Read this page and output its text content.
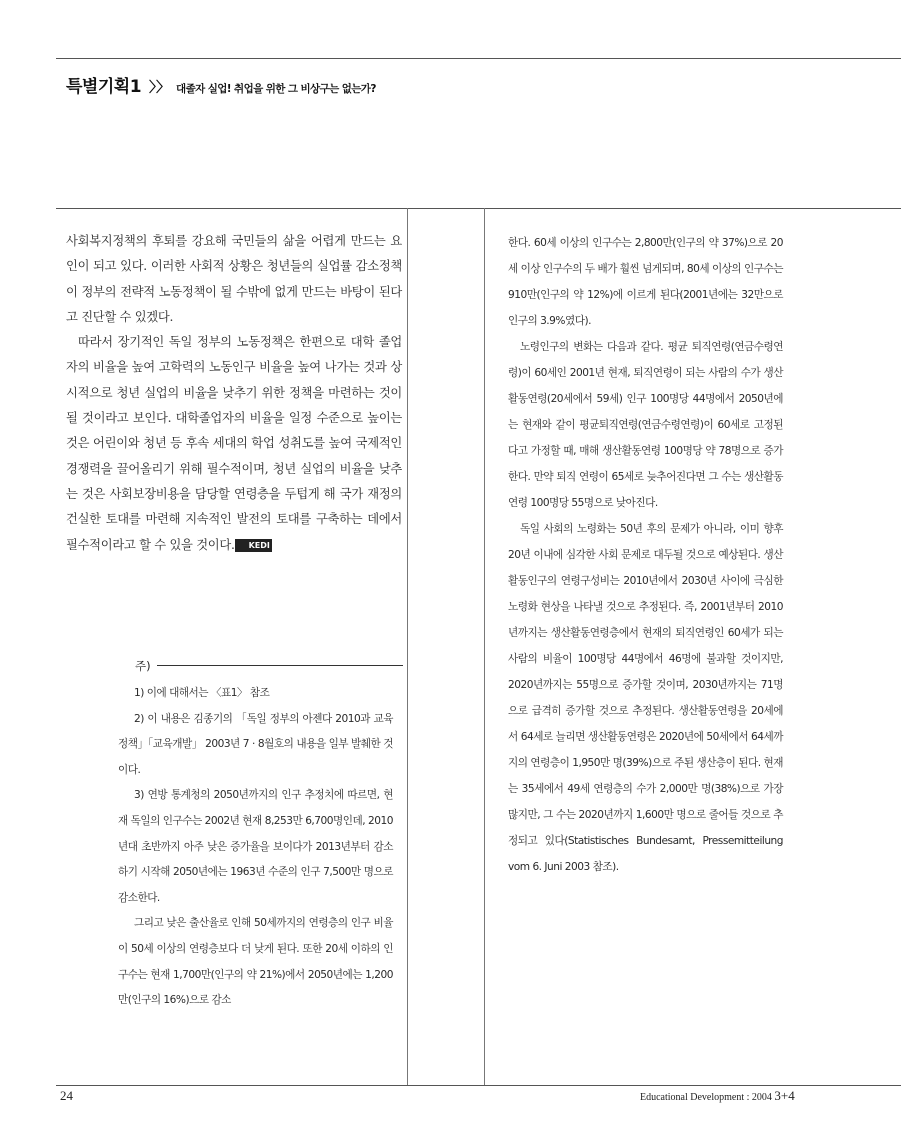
특별기획1 〉〉 대졸자 실업! 취업을 위한 그 비상구는 없는가?

사회복지정책의 후퇴를 강요해 국민들의 삶을 어렵게 만드는 요인이 되고 있다. 이러한 사회적 상황은 청년들의 실업률 감소정책이 정부의 전략적 노동정책이 될 수밖에 없게 만드는 바탕이 된다고 진단할 수 있겠다.

따라서 장기적인 독일 정부의 노동정책은 한편으로 대학 졸업자의 비율을 높여 고학력의 노동인구 비율을 높여 나가는 것과 상시적으로 청년 실업의 비율을 낮추기 위한 정책을 마련하는 것이 될 것이라고 보인다. 대학졸업자의 비율을 일정 수준으로 높이는 것은 어린이와 청년 등 후속 세대의 학업 성취도를 높여 국제적인 경쟁력을 끌어올리기 위해 필수적이며, 청년 실업의 비율을 낮추는 것은 사회보장비용을 담당할 연령층을 두텁게 해 국가 재정의 건실한 토대를 마련해 지속적인 발전의 토대를 구축하는 데에서 필수적이라고 할 수 있을 것이다. KEDI

주)

1) 이에 대해서는 〈표1〉 참조

2) 이 내용은 김종기의 「독일 정부의 아젠다 2010과 교육정책」「교육개발」 2003년 7 · 8월호의 내용을 일부 발췌한 것이다.

3) 연방 통계청의 2050년까지의 인구 추정치에 따르면, 현재 독일의 인구수는 2002년 현재 8,253만 6,700명인데, 2010년대 초반까지 아주 낮은 증가율을 보이다가 2013년부터 감소하기 시작해 2050년에는 1963년 수준의 인구 7,500만 명으로 감소한다.

그리고 낮은 출산율로 인해 50세까지의 연령층의 인구 비율이 50세 이상의 연령층보다 더 낮게 된다. 또한 20세 이하의 인구수는 현재 1,700만(인구의 약 21%)에서 2050년에는 1,200만(인구의 16%)으로 감소

한다. 60세 이상의 인구수는 2,800만(인구의 약 37%)으로 20세 이상 인구수의 두 배가 훨씬 넘게되며, 80세 이상의 인구수는 910만(인구의 약 12%)에 이르게 된다(2001년에는 32만으로 인구의 3.9%였다).

노령인구의 변화는 다음과 같다. 평균 퇴직연령(연금수령연령)이 60세인 2001년 현재, 퇴직연령이 되는 사람의 수가 생산활동연령(20세에서 59세) 인구 100명당 44명에서 2050년에는 현재와 같이 평균퇴직연령(연금수령연령)이 60세로 고정된다고 가정할 때, 매해 생산활동연령 100명당 약 78명으로 증가한다. 만약 퇴직 연령이 65세로 늦추어진다면 그 수는 생산활동연령 100명당 55명으로 낮아진다.

독일 사회의 노령화는 50년 후의 문제가 아니라, 이미 향후 20년 이내에 심각한 사회 문제로 대두될 것으로 예상된다. 생산활동인구의 연령구성비는 2010년에서 2030년 사이에 극심한 노령화 현상을 나타낼 것으로 추정된다. 즉, 2001년부터 2010년까지는 생산활동연령층에서 현재의 퇴직연령인 60세가 되는 사람의 비율이 100명당 44명에서 46명에 불과할 것이지만, 2020년까지는 55명으로 증가할 것이며, 2030년까지는 71명으로 급격히 증가할 것으로 추정된다. 생산활동연령을 20세에서 64세로 늘리면 생산활동연령은 2020년에 50세에서 64세까지의 연령층이 1,950만 명(39%)으로 주된 생산층이 된다. 현재는 35세에서 49세 연령층의 수가 2,000만 명(38%)으로 가장 많지만, 그 수는 2020년까지 1,600만 명으로 줄어들 것으로 추정되고 있다(Statistisches Bundesamt, Pressemitteilung vom 6. Juni 2003 참조).

24	Educational Development : 2004 3+4
